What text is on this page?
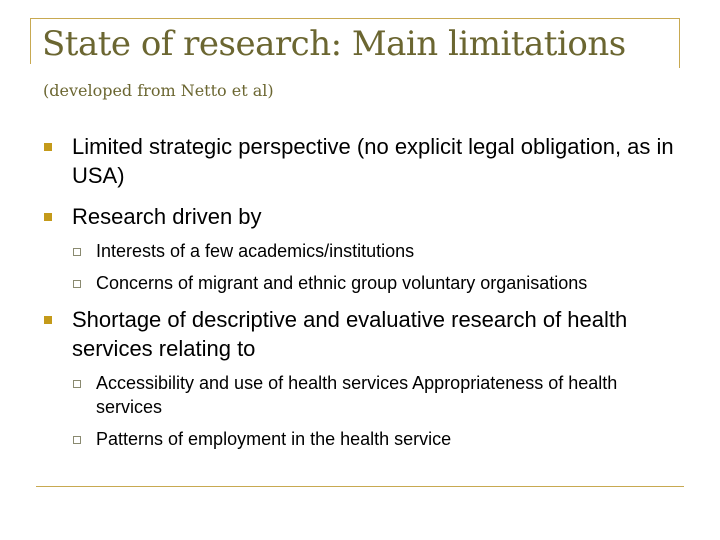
State of research: Main limitations
(developed from Netto et al)
Limited strategic perspective (no explicit legal obligation, as in USA)
Research driven by
Interests of a few academics/institutions
Concerns of migrant and ethnic group voluntary organisations
Shortage of descriptive and evaluative research of health services relating to
Accessibility and use of health services Appropriateness of health services
Patterns of employment in the health service
